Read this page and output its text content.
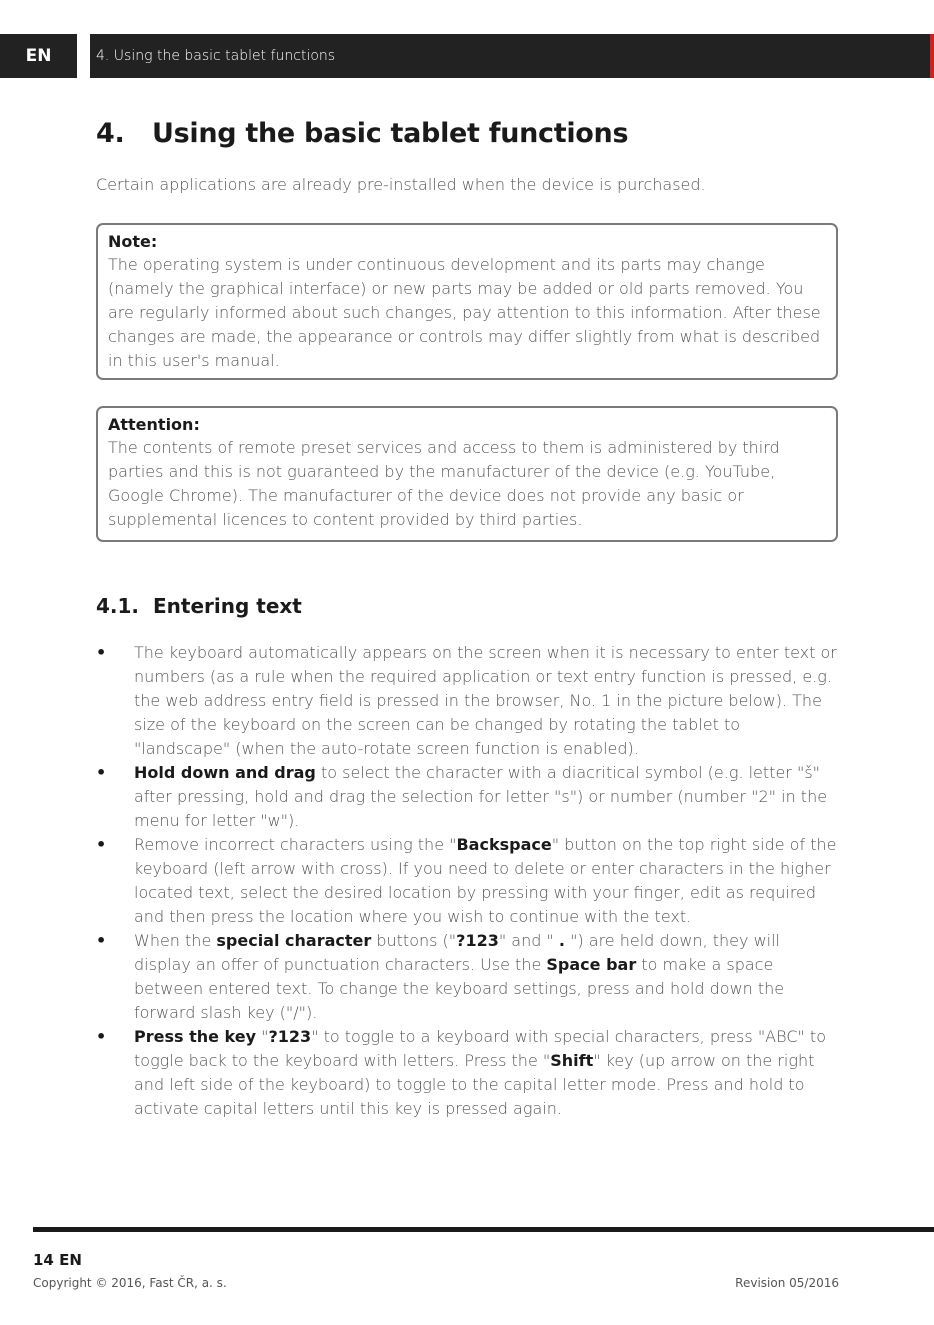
EN	4. Using the basic tablet functions
4. Using the basic tablet functions

Certain applications are already pre-installed when the device is purchased.

Note:

The operating system is under continuous development and its parts may change (namely the graphical interface) or new parts may be added or old parts removed. You are regularly informed about such changes, pay attention to this information. After these changes are made, the appearance or controls may differ slightly from what is described in this user's manual.

Attention:

The contents of remote preset services and access to them is administered by third parties and this is not guaranteed by the manufacturer of the device (e.g. YouTube, Google Chrome). The manufacturer of the device does not provide any basic or supplemental licences to content provided by third parties.

4.1. Entering text
• The keyboard automatically appears on the screen when it is necessary to enter text or numbers (as a rule when the required application or text entry function is pressed, e.g. the web address entry field is pressed in the browser, No. 1 in the picture below). The size of the keyboard on the screen can be changed by rotating the tablet to "landscape" (when the auto-rotate screen function is enabled).
• Hold down and drag to select the character with a diacritical symbol (e.g. letter "š" after pressing, hold and drag the selection for letter "s") or number (number "2" in the menu for letter "w").
• Remove incorrect characters using the "Backspace" button on the top right side of the keyboard (left arrow with cross). If you need to delete or enter characters in the higher located text, select the desired location by pressing with your finger, edit as required and then press the location where you wish to continue with the text.
• When the special character buttons ("?123" and " . ") are held down, they will display an offer of punctuation characters. Use the Space bar to make a space between entered text. To change the keyboard settings, press and hold down the forward slash key ("/").
• Press the key "?123" to toggle to a keyboard with special characters, press "ABC" to toggle back to the keyboard with letters. Press the "Shift" key (up arrow on the right and left side of the keyboard) to toggle to the capital letter mode. Press and hold to activate capital letters until this key is pressed again.
14 EN
Copyright © 2016, Fast ČR, a. s.	Revision 05/2016
